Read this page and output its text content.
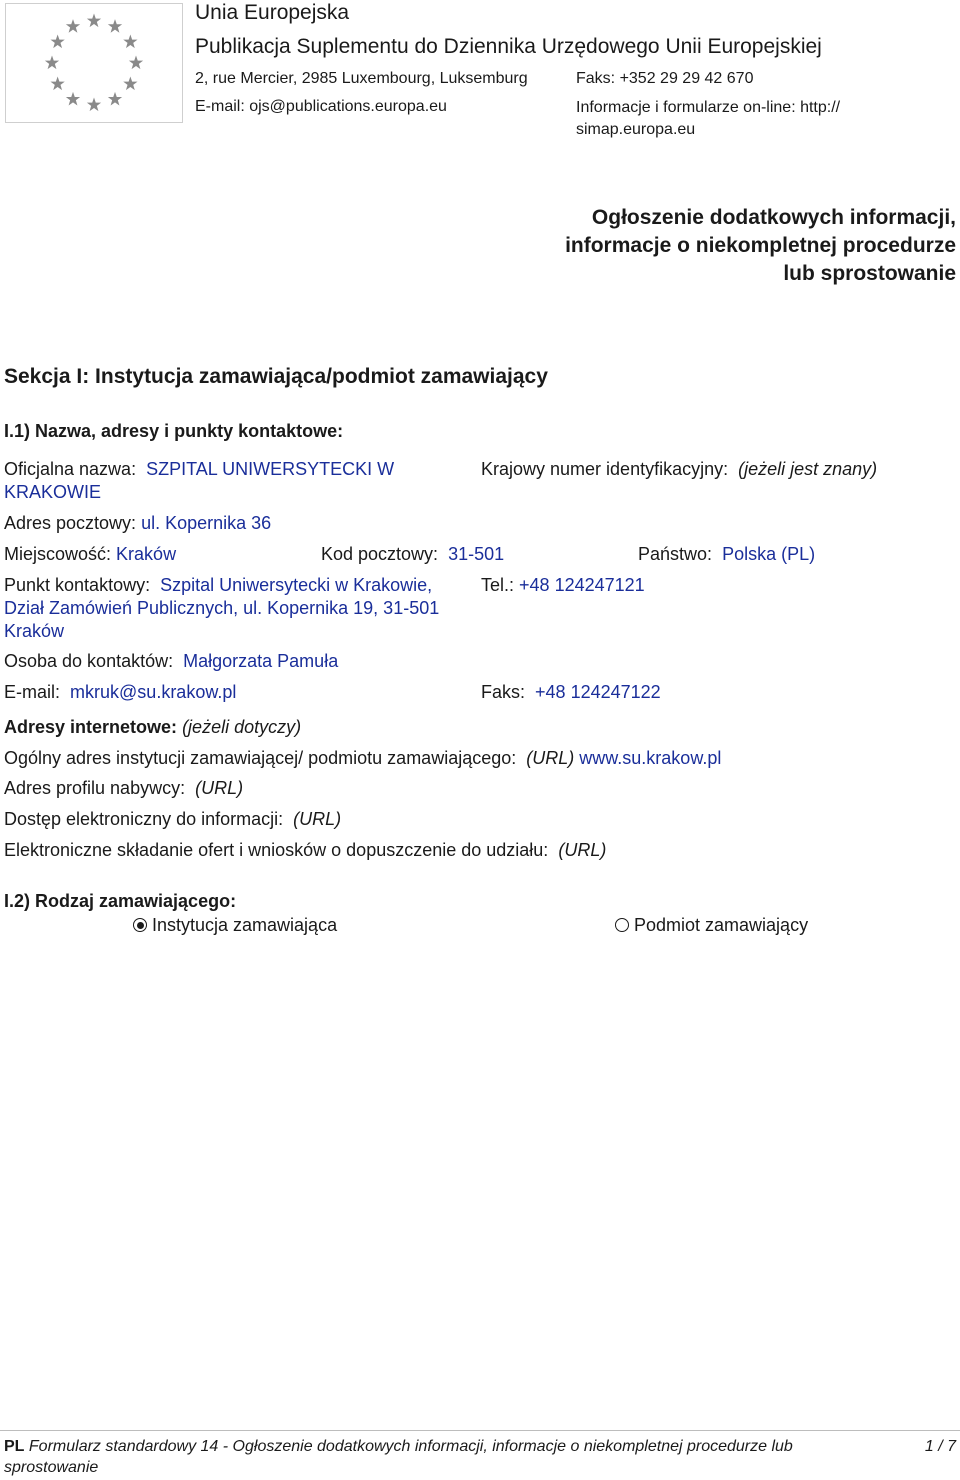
Unia Europejska
Publikacja Suplementu do Dziennika Urzędowego Unii Europejskiej
2, rue Mercier, 2985 Luxembourg, Luksemburg	Faks: +352 29 29 42 670
E-mail: ojs@publications.europa.eu	Informacje i formularze on-line: http:// simap.europa.eu
Ogłoszenie dodatkowych informacji, informacje o niekompletnej procedurze lub sprostowanie
Sekcja I: Instytucja zamawiająca/podmiot zamawiający
I.1) Nazwa, adresy i punkty kontaktowe:
Oficjalna nazwa: SZPITAL UNIWERSYTECKI W KRAKOWIE
Krajowy numer identyfikacyjny: (jeżeli jest znany)
Adres pocztowy: ul. Kopernika 36
Miejscowość: Kraków	Kod pocztowy: 31-501	Państwo: Polska (PL)
Punkt kontaktowy: Szpital Uniwersytecki w Krakowie, Dział Zamówień Publicznych, ul. Kopernika 19, 31-501 Kraków
Tel.: +48 124247121
Osoba do kontaktów: Małgorzata Pamuła
E-mail: mkruk@su.krakow.pl	Faks: +48 124247122
Adresy internetowe: (jeżeli dotyczy)
Ogólny adres instytucji zamawiającej/ podmiotu zamawiającego: (URL) www.su.krakow.pl
Adres profilu nabywcy: (URL)
Dostęp elektroniczny do informacji: (URL)
Elektroniczne składanie ofert i wniosków o dopuszczenie do udziału: (URL)
I.2) Rodzaj zamawiającego:
Instytucja zamawiająca	Podmiot zamawiający
PL Formularz standardowy 14 - Ogłoszenie dodatkowych informacji, informacje o niekompletnej procedurze lub
sprostowanie
1 / 7
